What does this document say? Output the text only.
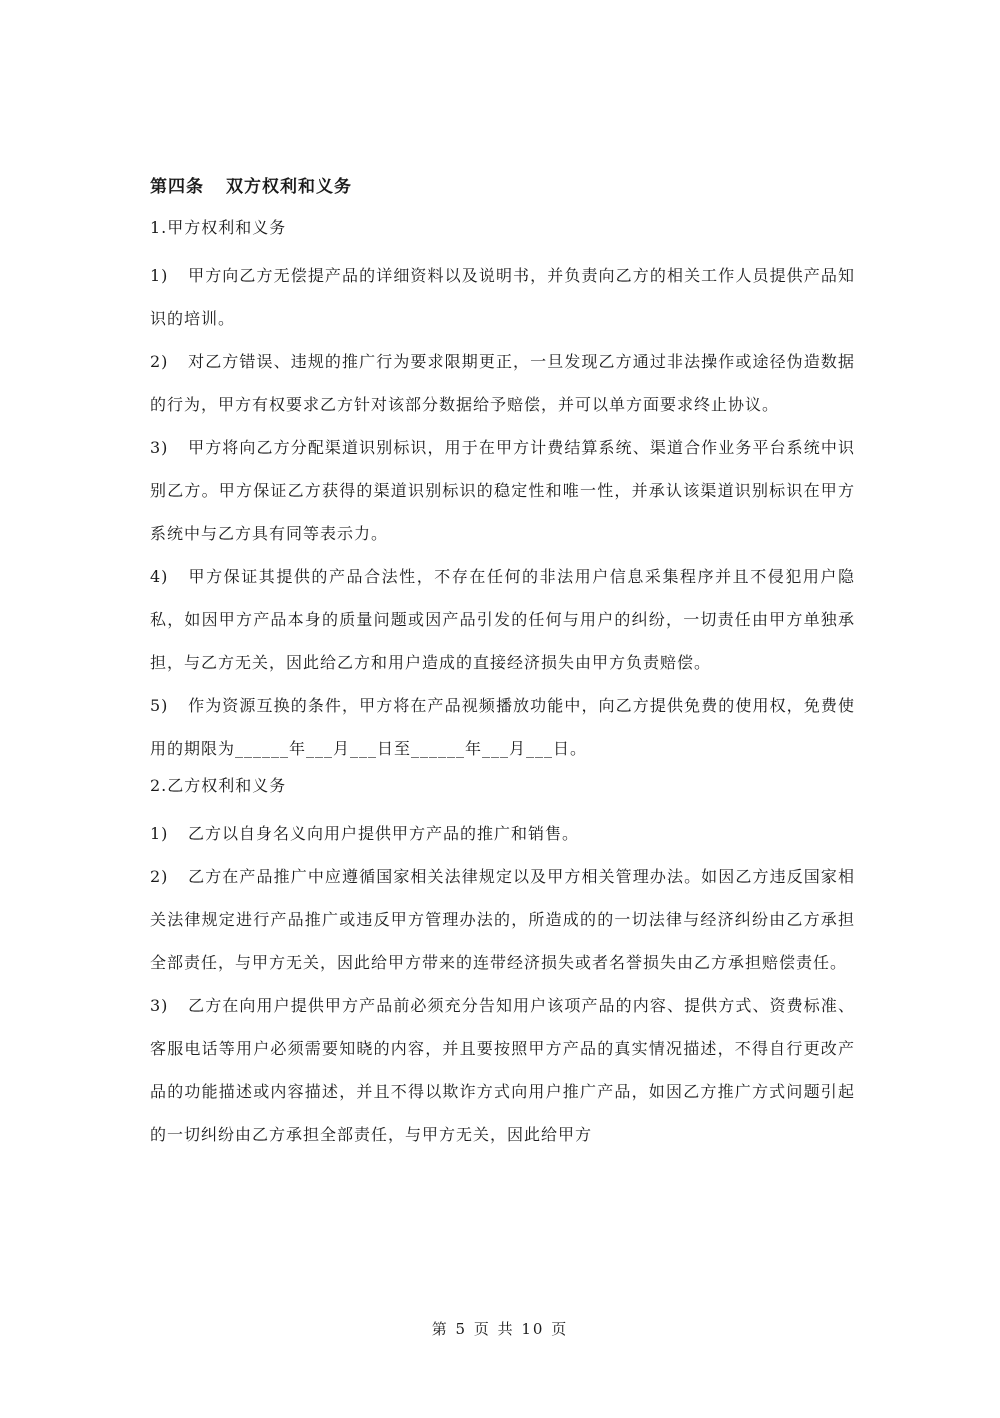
第四条 双方权利和义务
1.甲方权利和义务
1) 甲方向乙方无偿提产品的详细资料以及说明书，并负责向乙方的相关工作人员提供产品知识的培训。
2) 对乙方错误、违规的推广行为要求限期更正，一旦发现乙方通过非法操作或途径伪造数据的行为，甲方有权要求乙方针对该部分数据给予赔偿，并可以单方面要求终止协议。
3) 甲方将向乙方分配渠道识别标识，用于在甲方计费结算系统、渠道合作业务平台系统中识别乙方。甲方保证乙方获得的渠道识别标识的稳定性和唯一性，并承认该渠道识别标识在甲方系统中与乙方具有同等表示力。
4) 甲方保证其提供的产品合法性，不存在任何的非法用户信息采集程序并且不侵犯用户隐私，如因甲方产品本身的质量问题或因产品引发的任何与用户的纠纷，一切责任由甲方单独承担，与乙方无关，因此给乙方和用户造成的直接经济损失由甲方负责赔偿。
5) 作为资源互换的条件，甲方将在产品视频播放功能中，向乙方提供免费的使用权，免费使用的期限为______年___月___日至______年___月___日。
2.乙方权利和义务
1) 乙方以自身名义向用户提供甲方产品的推广和销售。
2) 乙方在产品推广中应遵循国家相关法律规定以及甲方相关管理办法。如因乙方违反国家相关法律规定进行产品推广或违反甲方管理办法的，所造成的的一切法律与经济纠纷由乙方承担全部责任，与甲方无关，因此给甲方带来的连带经济损失或者名誉损失由乙方承担赔偿责任。
3) 乙方在向用户提供甲方产品前必须充分告知用户该项产品的内容、提供方式、资费标准、客服电话等用户必须需要知晓的内容，并且要按照甲方产品的真实情况描述，不得自行更改产品的功能描述或内容描述，并且不得以欺诈方式向用户推广产品，如因乙方推广方式问题引起的一切纠纷由乙方承担全部责任，与甲方无关，因此给甲方
第 5 页 共 10 页
